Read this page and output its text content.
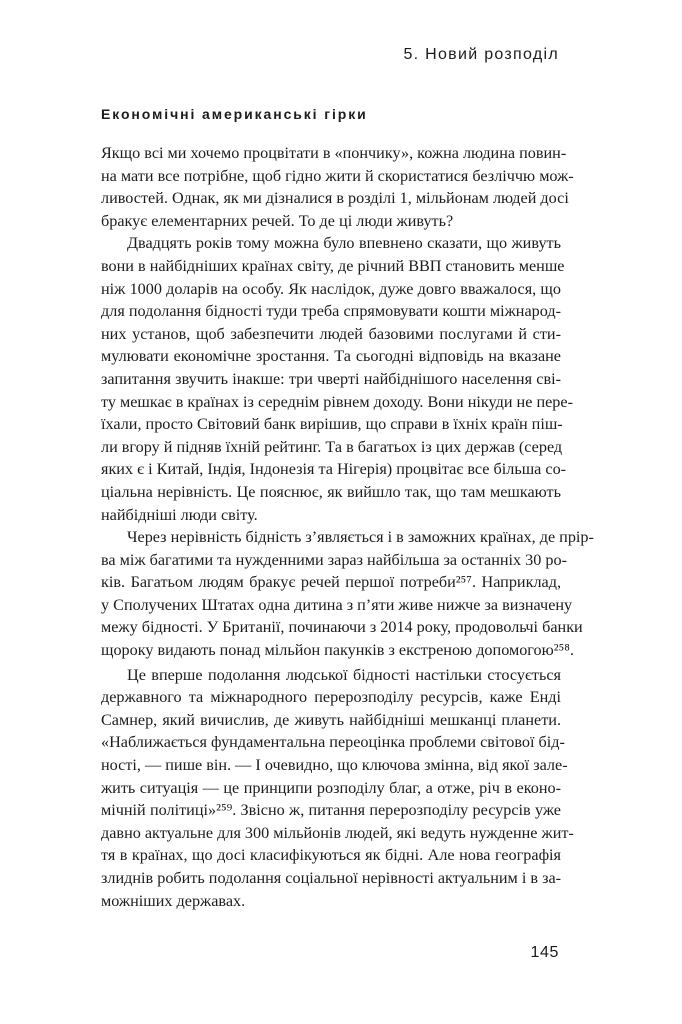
5. Новий розподіл
Економічні американські гірки
Якщо всі ми хочемо процвітати в «пончику», кожна людина повин-
на мати все потрібне, щоб гідно жити й скористатися безліччю мож-
ливостей. Однак, як ми дізналися в розділі 1, мільйонам людей досі
бракує елементарних речей. То де ці люди живуть?
Двадцять років тому можна було впевнено сказати, що живуть
вони в найбідніших країнах світу, де річний ВВП становить менше
ніж 1000 доларів на особу. Як наслідок, дуже довго вважалося, що
для подолання бідності туди треба спрямовувати кошти міжнарод-
них установ, щоб забезпечити людей базовими послугами й сти-
мулювати економічне зростання. Та сьогодні відповідь на вказане
запитання звучить інакше: три чверті найбіднішого населення сві-
ту мешкає в країнах із середнім рівнем доходу. Вони нікуди не пере-
їхали, просто Світовий банк вирішив, що справи в їхніх країн піш-
ли вгору й підняв їхній рейтинг. Та в багатьох із цих держав (серед
яких є і Китай, Індія, Індонезія та Нігерія) процвітає все більша со-
ціальна нерівність. Це пояснює, як вийшло так, що там мешкають
найбідніші люди світу.
Через нерівність бідність з’являється і в заможних країнах, де прір-
ва між багатими та нужденними зараз найбільша за останніх 30 ро-
ків. Багатьом людям бракує речей першої потреби²⁵⁷. Наприклад,
у Сполучених Штатах одна дитина з п’яти живе нижче за визначену
межу бідності. У Британії, починаючи з 2014 року, продовольчі банки
щороку видають понад мільйон пакунків з екстреною допомогою²⁵⁸.
Це вперше подолання людської бідності настільки стосується
державного та міжнародного перерозподілу ресурсів, каже Енді
Самнер, який вичислив, де живуть найбідніші мешканці планети.
«Наближається фундаментальна переоцінка проблеми світової бід-
ності, — пише він. — І очевидно, що ключова змінна, від якої зале-
жить ситуація — це принципи розподілу благ, а отже, річ в еконо-
мічній політиці»²⁵⁹. Звісно ж, питання перерозподілу ресурсів уже
давно актуальне для 300 мільйонів людей, які ведуть нужденне жит-
тя в країнах, що досі класифікуються як бідні. Але нова географія
злиднів робить подолання соціальної нерівності актуальним і в за-
можніших державах.
145
